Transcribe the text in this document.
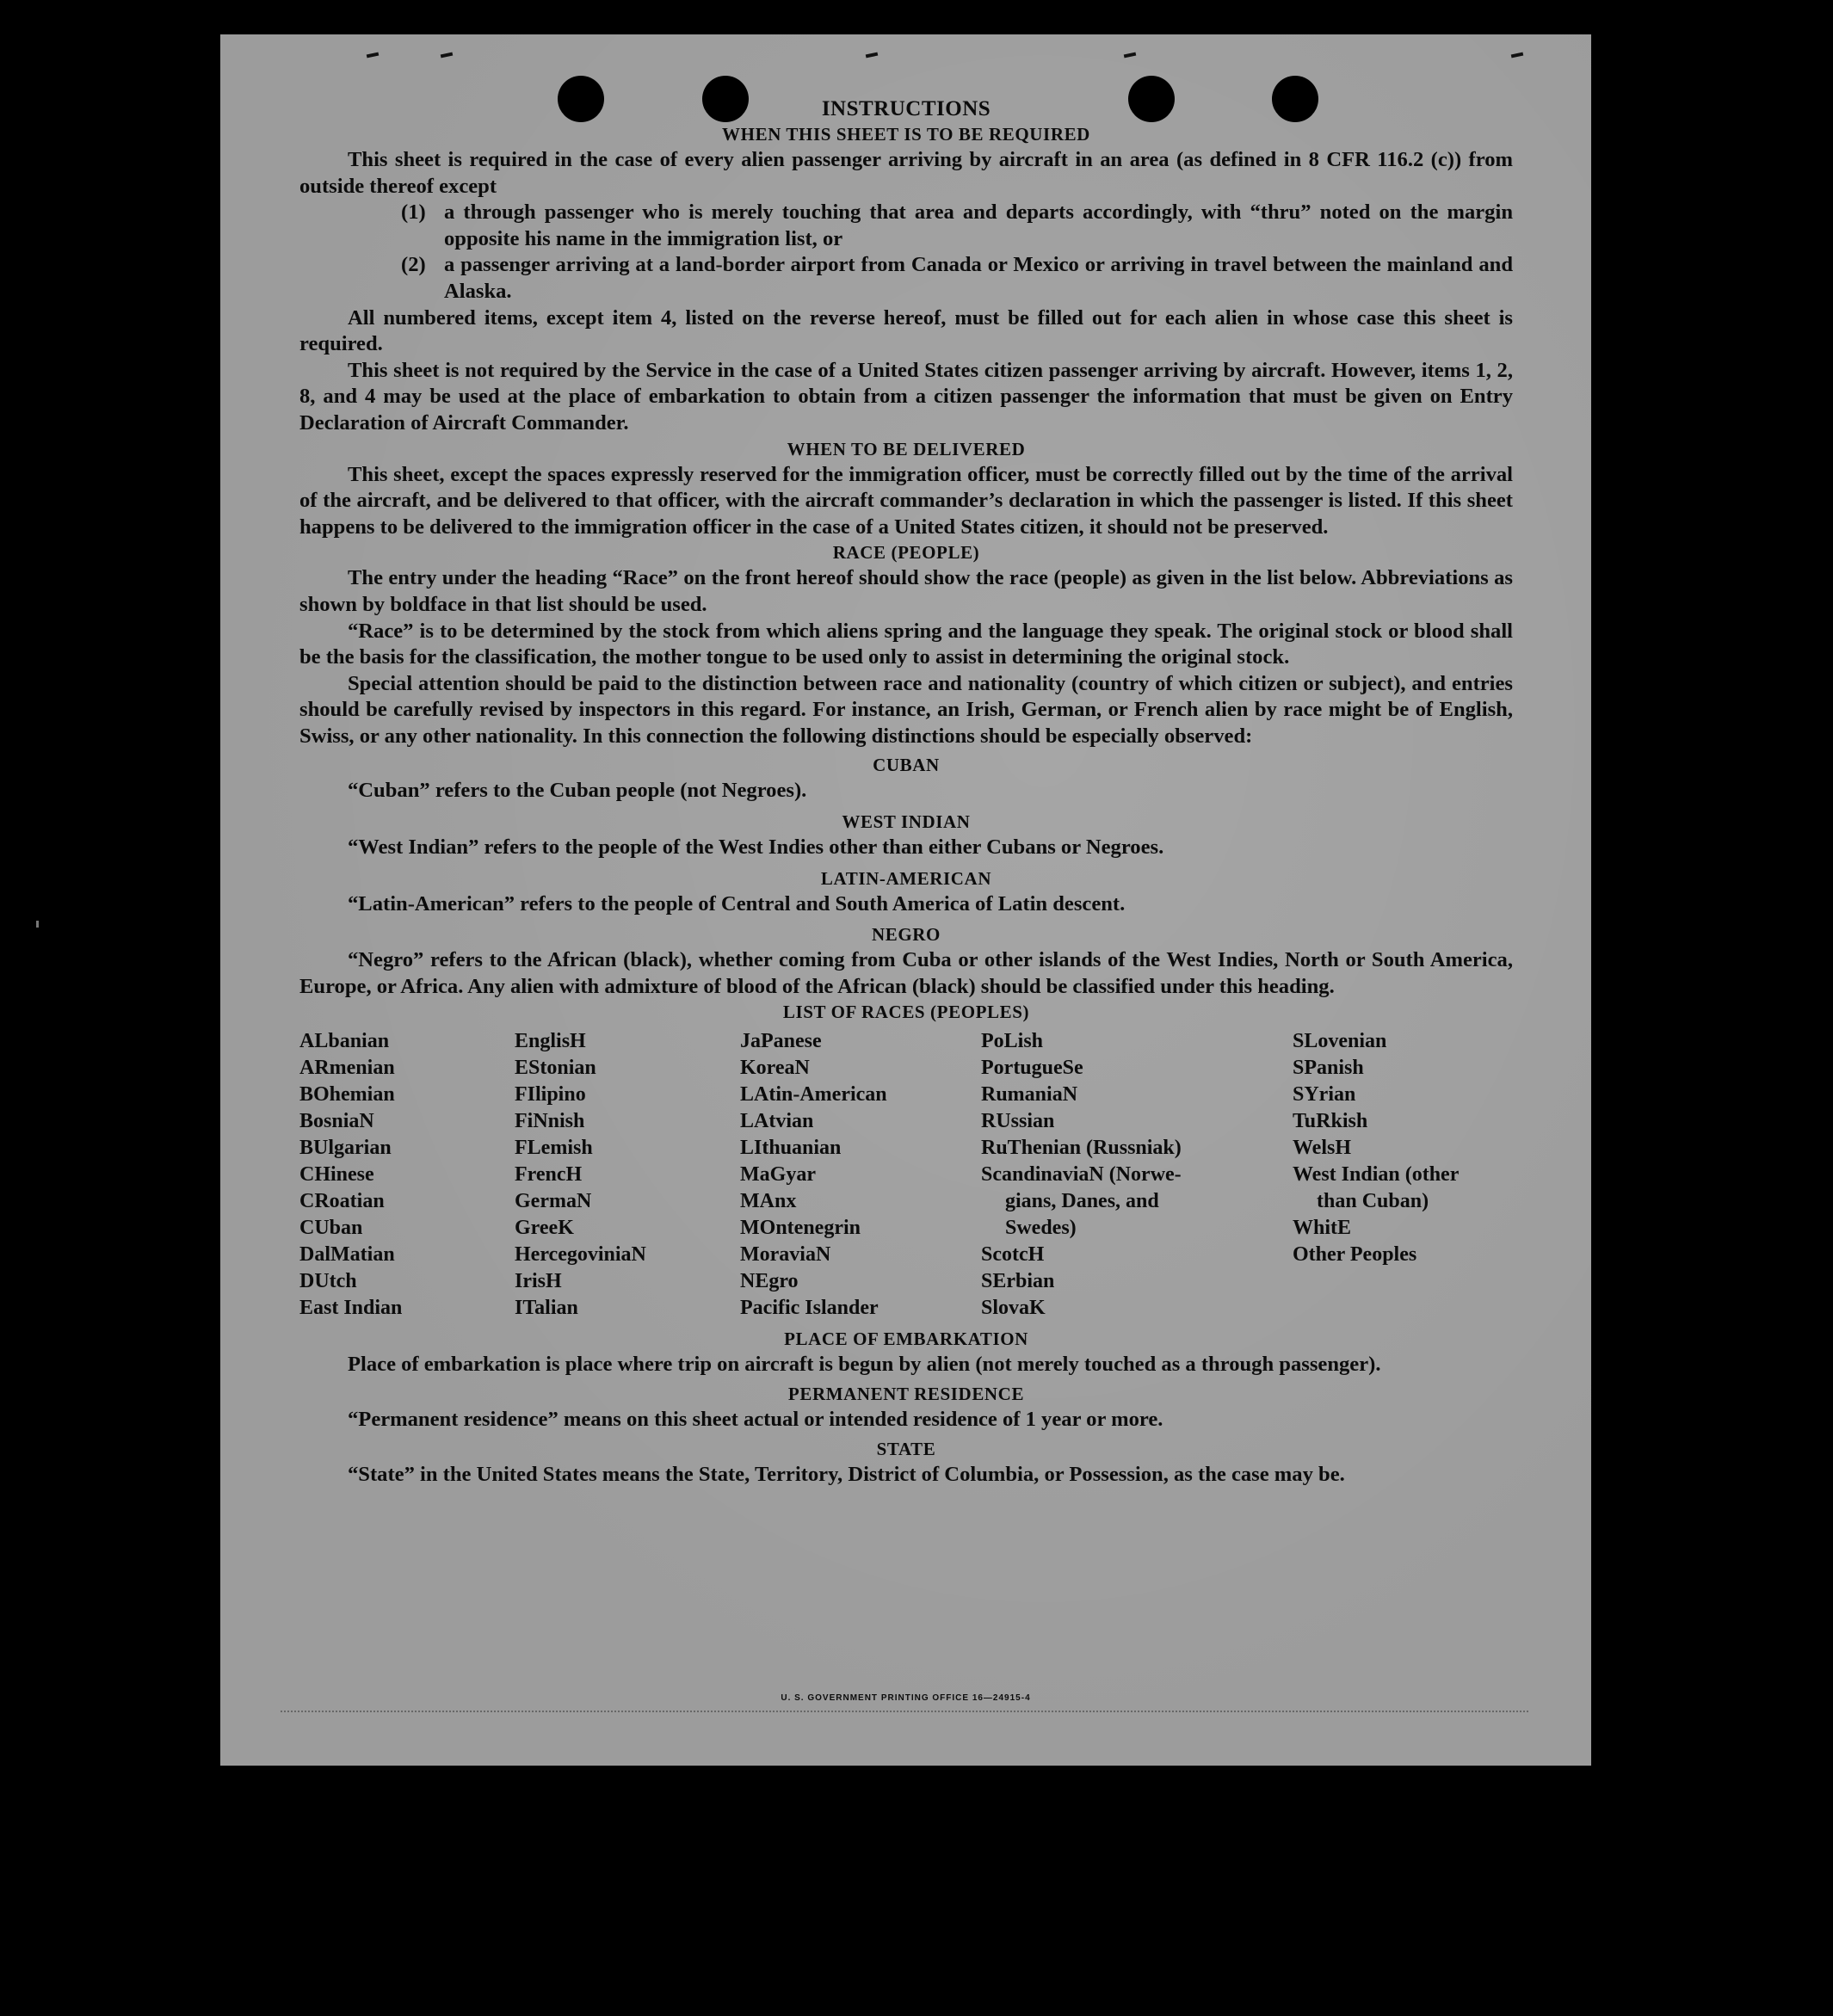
INSTRUCTIONS
WHEN THIS SHEET IS TO BE REQUIRED

This sheet is required in the case of every alien passenger arriving by aircraft in an area (as defined in 8 CFR 116.2 (c)) from outside thereof except

(1) a through passenger who is merely touching that area and departs accordingly, with “thru” noted on the margin opposite his name in the immigration list, or

(2) a passenger arriving at a land-border airport from Canada or Mexico or arriving in travel between the mainland and Alaska.

All numbered items, except item 4, listed on the reverse hereof, must be filled out for each alien in whose case this sheet is required.

This sheet is not required by the Service in the case of a United States citizen passenger arriving by aircraft. However, items 1, 2, 8, and 4 may be used at the place of embarkation to obtain from a citizen passenger the information that must be given on Entry Declaration of Aircraft Commander.

WHEN TO BE DELIVERED

This sheet, except the spaces expressly reserved for the immigration officer, must be correctly filled out by the time of the arrival of the aircraft, and be delivered to that officer, with the aircraft commander’s declaration in which the passenger is listed. If this sheet happens to be delivered to the immigration officer in the case of a United States citizen, it should not be preserved.

RACE (PEOPLE)

The entry under the heading “Race” on the front hereof should show the race (people) as given in the list below. Abbreviations as shown by boldface in that list should be used.

“Race” is to be determined by the stock from which aliens spring and the language they speak. The original stock or blood shall be the basis for the classification, the mother tongue to be used only to assist in determining the original stock.

Special attention should be paid to the distinction between race and nationality (country of which citizen or subject), and entries should be carefully revised by inspectors in this regard. For instance, an Irish, German, or French alien by race might be of English, Swiss, or any other nationality. In this connection the following distinctions should be especially observed:

CUBAN

“Cuban” refers to the Cuban people (not Negroes).

WEST INDIAN

“West Indian” refers to the people of the West Indies other than either Cubans or Negroes.

LATIN-AMERICAN

“Latin-American” refers to the people of Central and South America of Latin descent.

NEGRO

“Negro” refers to the African (black), whether coming from Cuba or other islands of the West Indies, North or South America, Europe, or Africa. Any alien with admixture of blood of the African (black) should be classified under this heading.

LIST OF RACES (PEOPLES)
ALbanian
ARmenian
BOhemian
BosniaN
BUlgarian
CHinese
CRoatian
CUban
DalMatian
DUtch
East Indian
EnglisH
EStonian
FIlipino
FiNnish
FLemish
FrencH
GermaN
GreeK
HercegoviniaN
IrisH
ITalian
JaPanese
KoreaN
LAtin-American
LAtvian
LIthuanian
MaGyar
MAnx
MOntenegrin
MoraviaN
NEgro
Pacific Islander
PoLish
PortugueSe
RumaniaN
RUssian
RuThenian (Russniak)
ScandinaviaN (Norwe-
gians, Danes, and
Swedes)
ScotcH
SErbian
SlovaK
SLovenian
SPanish
SYrian
TuRkish
WelsH
West Indian (other
than Cuban)
WhitE
Other Peoples
PLACE OF EMBARKATION

Place of embarkation is place where trip on aircraft is begun by alien (not merely touched as a through passenger).

PERMANENT RESIDENCE

“Permanent residence” means on this sheet actual or intended residence of 1 year or more.

STATE

“State” in the United States means the State, Territory, District of Columbia, or Possession, as the case may be.

U. S. GOVERNMENT PRINTING OFFICE 16—24915-4
